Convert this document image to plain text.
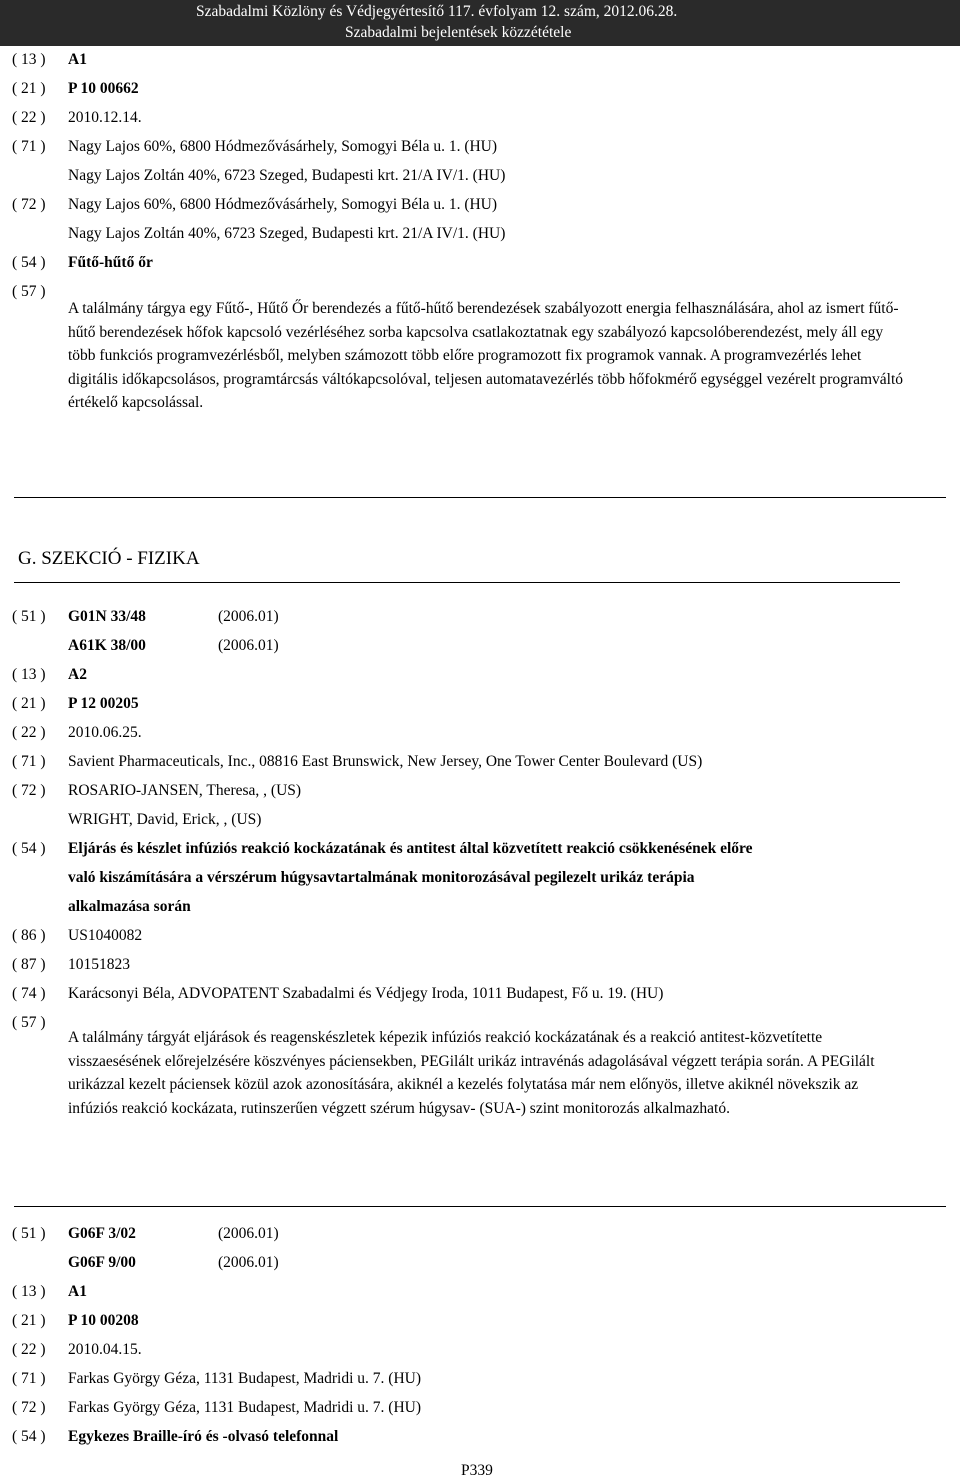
Szabadalmi Közlöny és Védjegyértesítő 117. évfolyam 12. szám, 2012.06.28.
Szabadalmi bejelentések közzététele
( 13 )	A1
( 21 )	P 10 00662
( 22 )	2010.12.14.
( 71 )	Nagy Lajos 60%, 6800 Hódmezővásárhely, Somogyi Béla u. 1. (HU)
Nagy Lajos Zoltán 40%, 6723 Szeged, Budapesti krt. 21/A IV/1. (HU)
( 72 )	Nagy Lajos 60%, 6800 Hódmezővásárhely, Somogyi Béla u. 1. (HU)
Nagy Lajos Zoltán 40%, 6723 Szeged, Budapesti krt. 21/A IV/1. (HU)
( 54 )	Fűtő-hűtő őr
( 57 )
A találmány tárgya egy Fűtő-, Hűtő Őr berendezés a fűtő-hűtő berendezések szabályozott energia felhasználására, ahol az ismert fűtő-hűtő berendezések hőfok kapcsoló vezérléséhez sorba kapcsolva csatlakoztatnak egy szabályozó kapcsolóberendezést, mely áll egy több funkciós programvezérlésből, melyben számozott több előre programozott fix programok vannak. A programvezérlés lehet digitális időkapcsolásos, programtárcsás váltókapcsolóval, teljesen automatavezérlés több hőfokmérő egységgel vezérelt programváltó értékelő kapcsolással.
G. SZEKCIÓ - FIZIKA
( 51 )	G01N 33/48	(2006.01)
A61K 38/00	(2006.01)
( 13 )	A2
( 21 )	P 12 00205
( 22 )	2010.06.25.
( 71 )	Savient Pharmaceuticals, Inc., 08816 East Brunswick, New Jersey, One Tower Center Boulevard (US)
( 72 )	ROSARIO-JANSEN, Theresa, , (US)
WRIGHT, David, Erick, , (US)
( 54 )	Eljárás és készlet infúziós reakció kockázatának és antitest által közvetített reakció csökkenésének előre
való kiszámítására a vérszérum húgysavtartalmának monitorozásával pegilezelt urikáz terápia
alkalmazása során
( 86 )	US1040082
( 87 )	10151823
( 74 )	Karácsonyi Béla, ADVOPATENT Szabadalmi és Védjegy Iroda, 1011 Budapest, Fő u. 19. (HU)
( 57 )
A találmány tárgyát eljárások és reagenskészletek képezik infúziós reakció kockázatának és a reakció antitest-közvetítette visszaesésének előrejelzésére köszvényes páciensekben, PEGilált urikáz intravénás adagolásával végzett terápia során. A PEGilált urikázzal kezelt páciensek közül azok azonosítására, akiknél a kezelés folytatása már nem előnyös, illetve akiknél növekszik az infúziós reakció kockázata, rutinszerűen végzett szérum húgysav- (SUA-) szint monitorozás alkalmazható.
( 51 )	G06F 3/02	(2006.01)
G06F 9/00	(2006.01)
( 13 )	A1
( 21 )	P 10 00208
( 22 )	2010.04.15.
( 71 )	Farkas György Géza, 1131 Budapest, Madridi u. 7. (HU)
( 72 )	Farkas György Géza, 1131 Budapest, Madridi u. 7. (HU)
( 54 )	Egykezes Braille-író és -olvasó telefonnal
P339
